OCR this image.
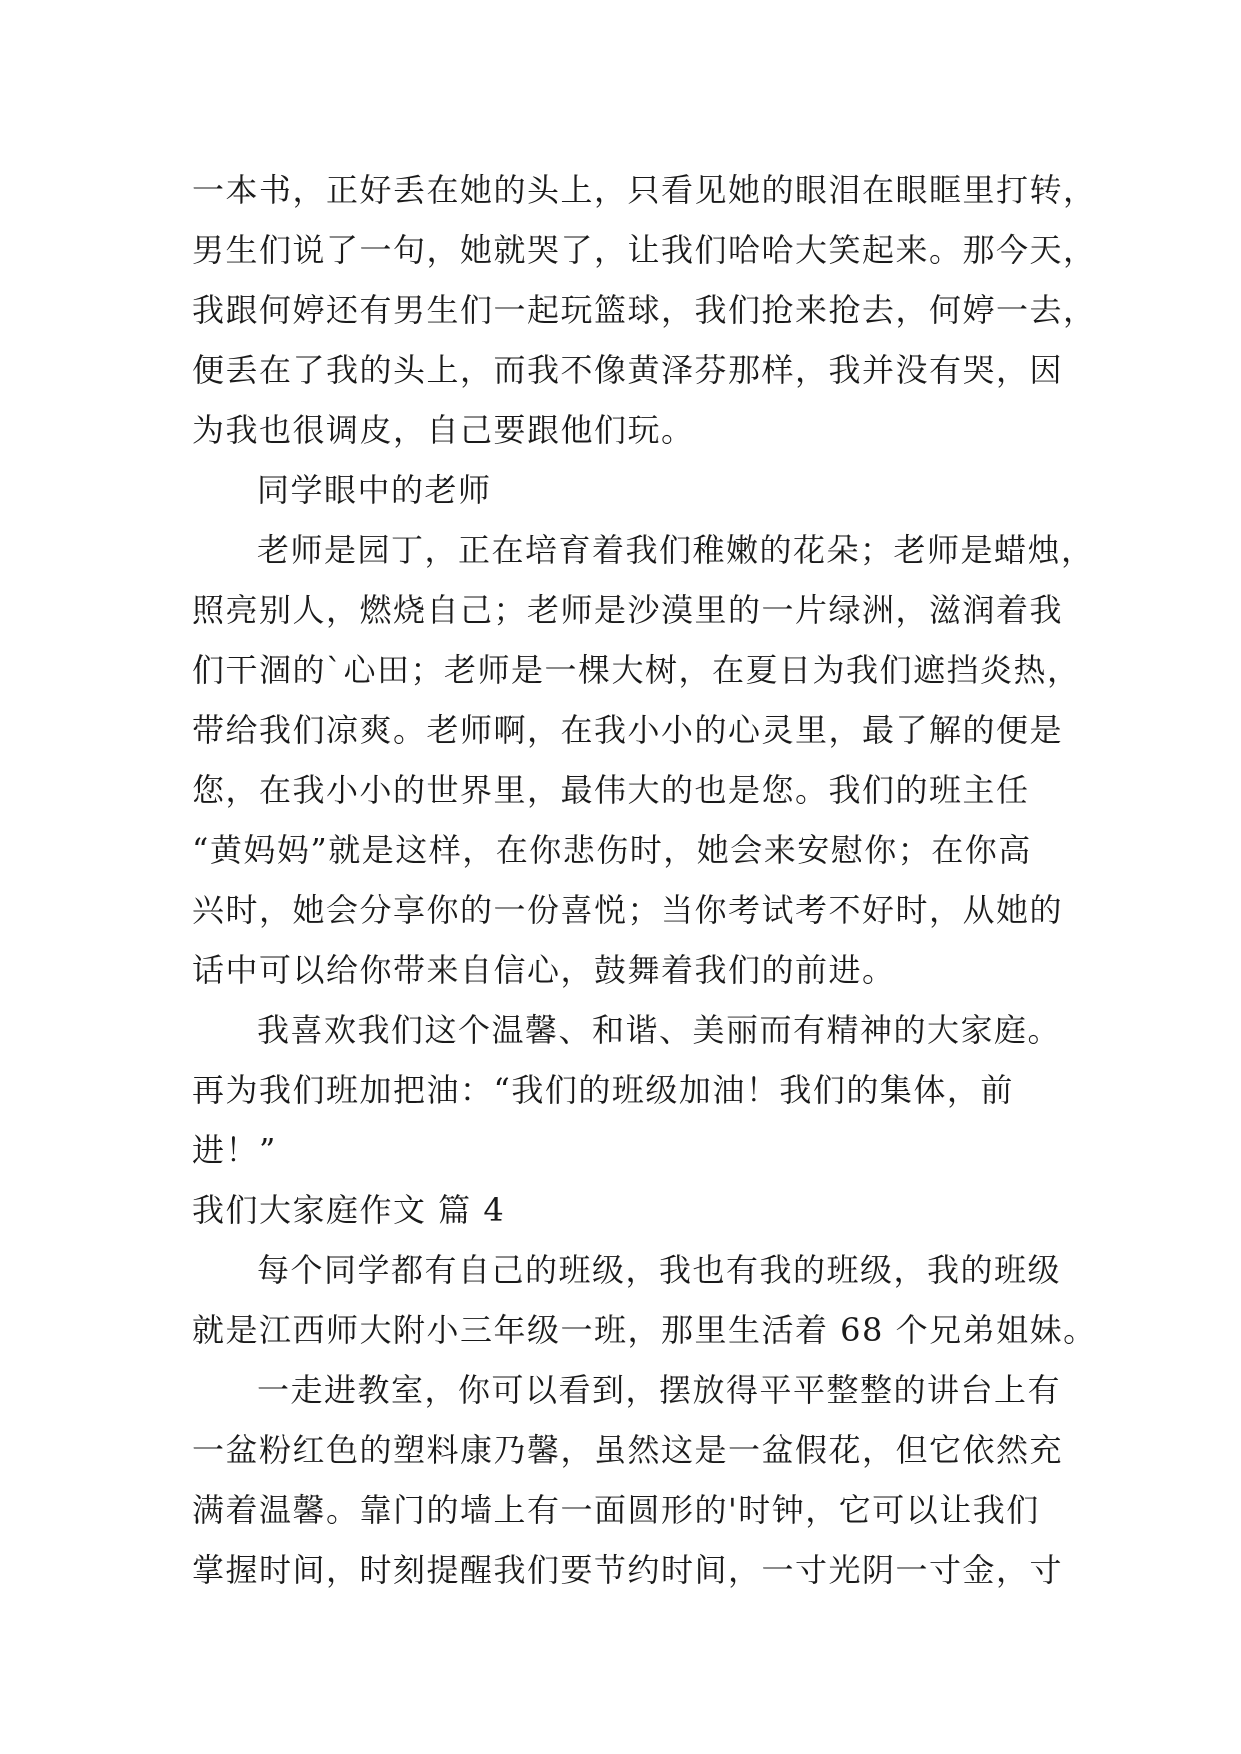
一本书，正好丢在她的头上，只看见她的眼泪在眼眶里打转，
男生们说了一句，她就哭了，让我们哈哈大笑起来。那今天，
我跟何婷还有男生们一起玩篮球，我们抢来抢去，何婷一去，
便丢在了我的头上，而我不像黄泽芬那样，我并没有哭，因
为我也很调皮，自己要跟他们玩。
同学眼中的老师
老师是园丁，正在培育着我们稚嫩的花朵；老师是蜡烛，
照亮别人，燃烧自己；老师是沙漠里的一片绿洲，滋润着我
们干涸的`心田；老师是一棵大树，在夏日为我们遮挡炎热，
带给我们凉爽。老师啊，在我小小的心灵里，最了解的便是
您，在我小小的世界里，最伟大的也是您。我们的班主任
“黄妈妈”就是这样，在你悲伤时，她会来安慰你；在你高
兴时，她会分享你的一份喜悦；当你考试考不好时，从她的
话中可以给你带来自信心，鼓舞着我们的前进。
我喜欢我们这个温馨、和谐、美丽而有精神的大家庭。
再为我们班加把油：“我们的班级加油！我们的集体，前
进！”
我们大家庭作文 篇 4
每个同学都有自己的班级，我也有我的班级，我的班级
就是江西师大附小三年级一班，那里生活着 68 个兄弟姐妹。
一走进教室，你可以看到，摆放得平平整整的讲台上有
一盆粉红色的塑料康乃馨，虽然这是一盆假花，但它依然充
满着温馨。靠门的墙上有一面圆形的'时钟，它可以让我们
掌握时间，时刻提醒我们要节约时间，一寸光阴一寸金，寸
